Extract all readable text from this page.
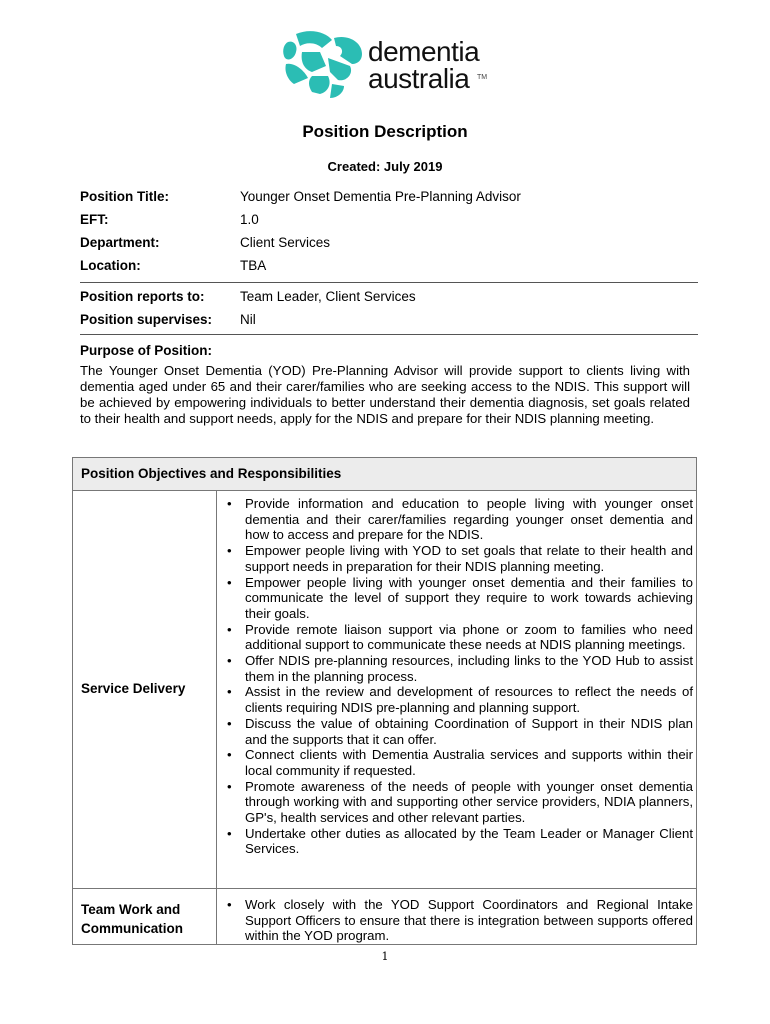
dementia
australia	TM
Position Description
Created: July 2019
Position Title:	Younger Onset Dementia Pre-Planning Advisor
EFT:	1.0
Department:	Client Services
Location:	TBA
Position reports to:	Team Leader, Client Services
Position supervises: Nil
Purpose of Position:
The Younger Onset Dementia (YOD) Pre-Planning Advisor will provide support to clients living with dementia aged under 65 and their carer/families who are seeking access to the NDIS. This support will be achieved by empowering individuals to better understand their dementia diagnosis, set goals related to their health and support needs, apply for the NDIS and prepare for their NDIS planning meeting.
Position Objectives and Responsibilities
Service Delivery
• Provide information and education to people living with younger onset dementia and their carer/families regarding younger onset dementia and how to access and prepare for the NDIS.
• Empower people living with YOD to set goals that relate to their health and support needs in preparation for their NDIS planning meeting.
• Empower people living with younger onset dementia and their families to communicate the level of support they require to work towards achieving their goals.
• Provide remote liaison support via phone or zoom to families who need additional support to communicate these needs at NDIS planning meetings.
• Offer NDIS pre-planning resources, including links to the YOD Hub to assist them in the planning process.
• Assist in the review and development of resources to reflect the needs of clients requiring NDIS pre-planning and planning support.
• Discuss the value of obtaining Coordination of Support in their NDIS plan and the supports that it can offer.
• Connect clients with Dementia Australia services and supports within their local community if requested.
• Promote awareness of the needs of people with younger onset dementia through working with and supporting other service providers, NDIA planners, GP's, health services and other relevant parties.
• Undertake other duties as allocated by the Team Leader or Manager Client Services.
Team Work and
Communication
• Work closely with the YOD Support Coordinators and Regional Intake Support Officers to ensure that there is integration between supports offered within the YOD program.
1
